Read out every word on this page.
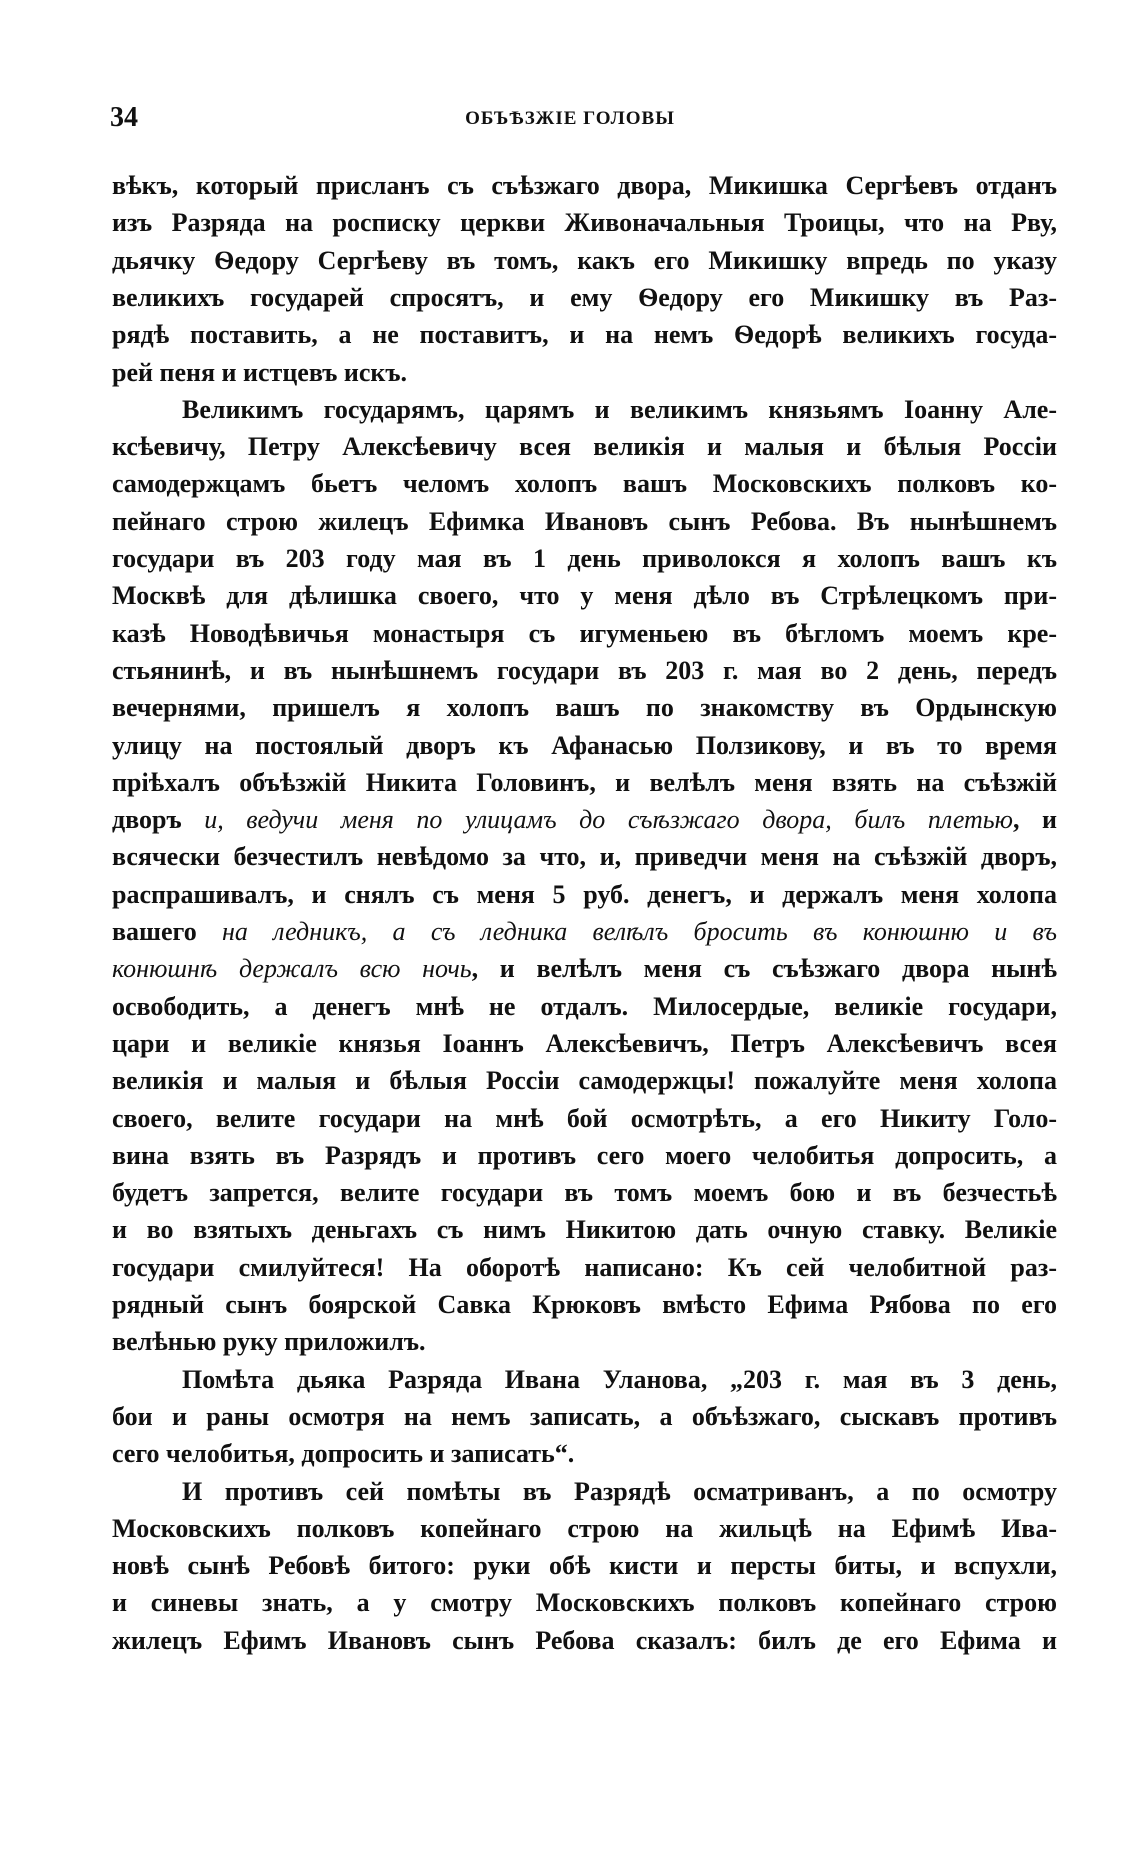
34	ОБЪѢЗЖІЕ ГОЛОВЫ
вѣкъ, который присланъ съ съѣзжаго двора, Микишка Сергѣевъ отданъ
изъ Разряда на росписку церкви Живоначальныя Троицы, что на Рву,
дьячку Ѳедору Сергѣеву въ томъ, какъ его Микишку впредь по указу
великихъ государей спросятъ, и ему Ѳедору его Микишку въ Раз-
рядѣ поставить, а не поставитъ, и на немъ Ѳедорѣ великихъ госуда-
рей пеня и истцевъ искъ.
Великимъ государямъ, царямъ и великимъ князьямъ Іоанну Але-
ксѣевичу, Петру Алексѣевичу всея великія и малыя и бѣлыя Россіи
самодержцамъ бьетъ челомъ холопъ вашъ Московскихъ полковъ ко-
пейнаго строю жилецъ Ефимка Ивановъ сынъ Ребова. Въ нынѣшнемъ
государи въ 203 году мая въ 1 день приволокся я холопъ вашъ къ
Москвѣ для дѣлишка своего, что у меня дѣло въ Стрѣлецкомъ при-
казѣ Новодѣвичья монастыря съ игуменьею въ бѣгломъ моемъ кре-
стьянинѣ, и въ нынѣшнемъ государи въ 203 г. мая во 2 день, передъ
вечернями, пришелъ я холопъ вашъ по знакомству въ Ордынскую
улицу на постоялый дворъ къ Афанасью Ползикову, и въ то время
пріѣхалъ объѣзжій Никита Головинъ, и велѣлъ меня взять на съѣзжій
дворъ и, ведучи меня по улицамъ до съѣзжаго двора, билъ плетью, и
всячески безчестилъ невѣдомо за что, и, приведчи меня на съѣзжій дворъ,
распрашивалъ, и снялъ съ меня 5 руб. денегъ, и держалъ меня холопа
вашего на ледникъ, а съ ледника велѣлъ бросить въ конюшню и въ
конюшнѣ держалъ всю ночь, и велѣлъ меня съ съѣзжаго двора нынѣ
освободить, а денегъ мнѣ не отдалъ. Милосердые, великіе государи,
цари и великіе князья Іоаннъ Алексѣевичъ, Петръ Алексѣевичъ всея
великія и малыя и бѣлыя Россіи самодержцы! пожалуйте меня холопа
своего, велите государи на мнѣ бой осмотрѣть, а его Никиту Голо-
вина взять въ Разрядъ и противъ сего моего челобитья допросить, а
будетъ запрется, велите государи въ томъ моемъ бою и въ безчестьѣ
и во взятыхъ деньгахъ съ нимъ Никитою дать очную ставку. Великіе
государи смилуйтеся! На оборотѣ написано: Къ сей челобитной раз-
рядный сынъ боярской Савка Крюковъ вмѣсто Ефима Рябова по его
велѣнью руку приложилъ.
Помѣта дьяка Разряда Ивана Уланова, „203 г. мая въ 3 день,
бои и раны осмотря на немъ записать, а объѣзжаго, сыскавъ противъ
сего челобитья, допросить и записать“.
И противъ сей помѣты въ Разрядѣ осматриванъ, а по осмотру
Московскихъ полковъ копейнаго строю на жильцѣ на Ефимѣ Ива-
новѣ сынѣ Ребовѣ битого: руки обѣ кисти и персты биты, и вспухли,
и синевы знать, а у смотру Московскихъ полковъ копейнаго строю
жилецъ Ефимъ Ивановъ сынъ Ребова сказалъ: билъ де его Ефима и
